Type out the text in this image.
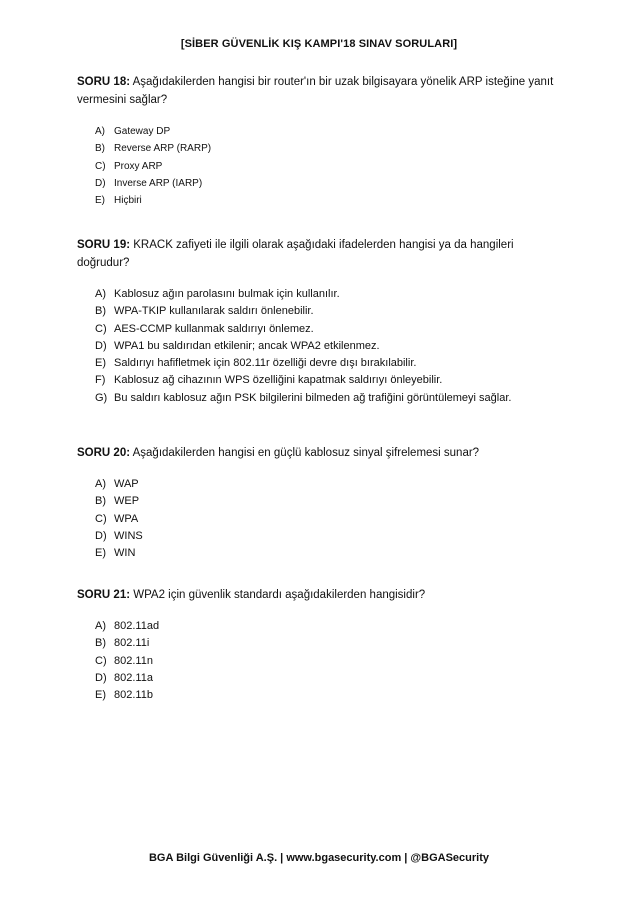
[SİBER GÜVENLİK KIŞ KAMPI'18 SINAV SORULARI]

SORU 18: Aşağıdakilerden hangisi bir router'ın bir uzak bilgisayara yönelik ARP isteğine yanıt vermesini sağlar?

A) Gateway DP
B) Reverse ARP (RARP)
C) Proxy ARP
D) Inverse ARP (IARP)
E) Hiçbiri

SORU 19: KRACK zafiyeti ile ilgili olarak aşağıdaki ifadelerden hangisi ya da hangileri doğrudur?

A) Kablosuz ağın parolasını bulmak için kullanılır.
B) WPA-TKIP kullanılarak saldırı önlenebilir.
C) AES-CCMP kullanmak saldırıyı önlemez.
D) WPA1 bu saldırıdan etkilenir; ancak WPA2 etkilenmez.
E) Saldırıyı hafifletmek için 802.11r özelliği devre dışı bırakılabilir.
F) Kablosuz ağ cihazının WPS özelliğini kapatmak saldırıyı önleyebilir.
G) Bu saldırı kablosuz ağın PSK bilgilerini bilmeden ağ trafiğini görüntülemeyi sağlar.

SORU 20: Aşağıdakilerden hangisi en güçlü kablosuz sinyal şifrelemesi sunar?

A) WAP
B) WEP
C) WPA
D) WINS
E) WIN

SORU 21: WPA2 için güvenlik standardı aşağıdakilerden hangisidir?

A) 802.11ad
B) 802.11i
C) 802.11n
D) 802.11a
E) 802.11b
BGA Bilgi Güvenliği A.Ş. | www.bgasecurity.com | @BGASecurity
